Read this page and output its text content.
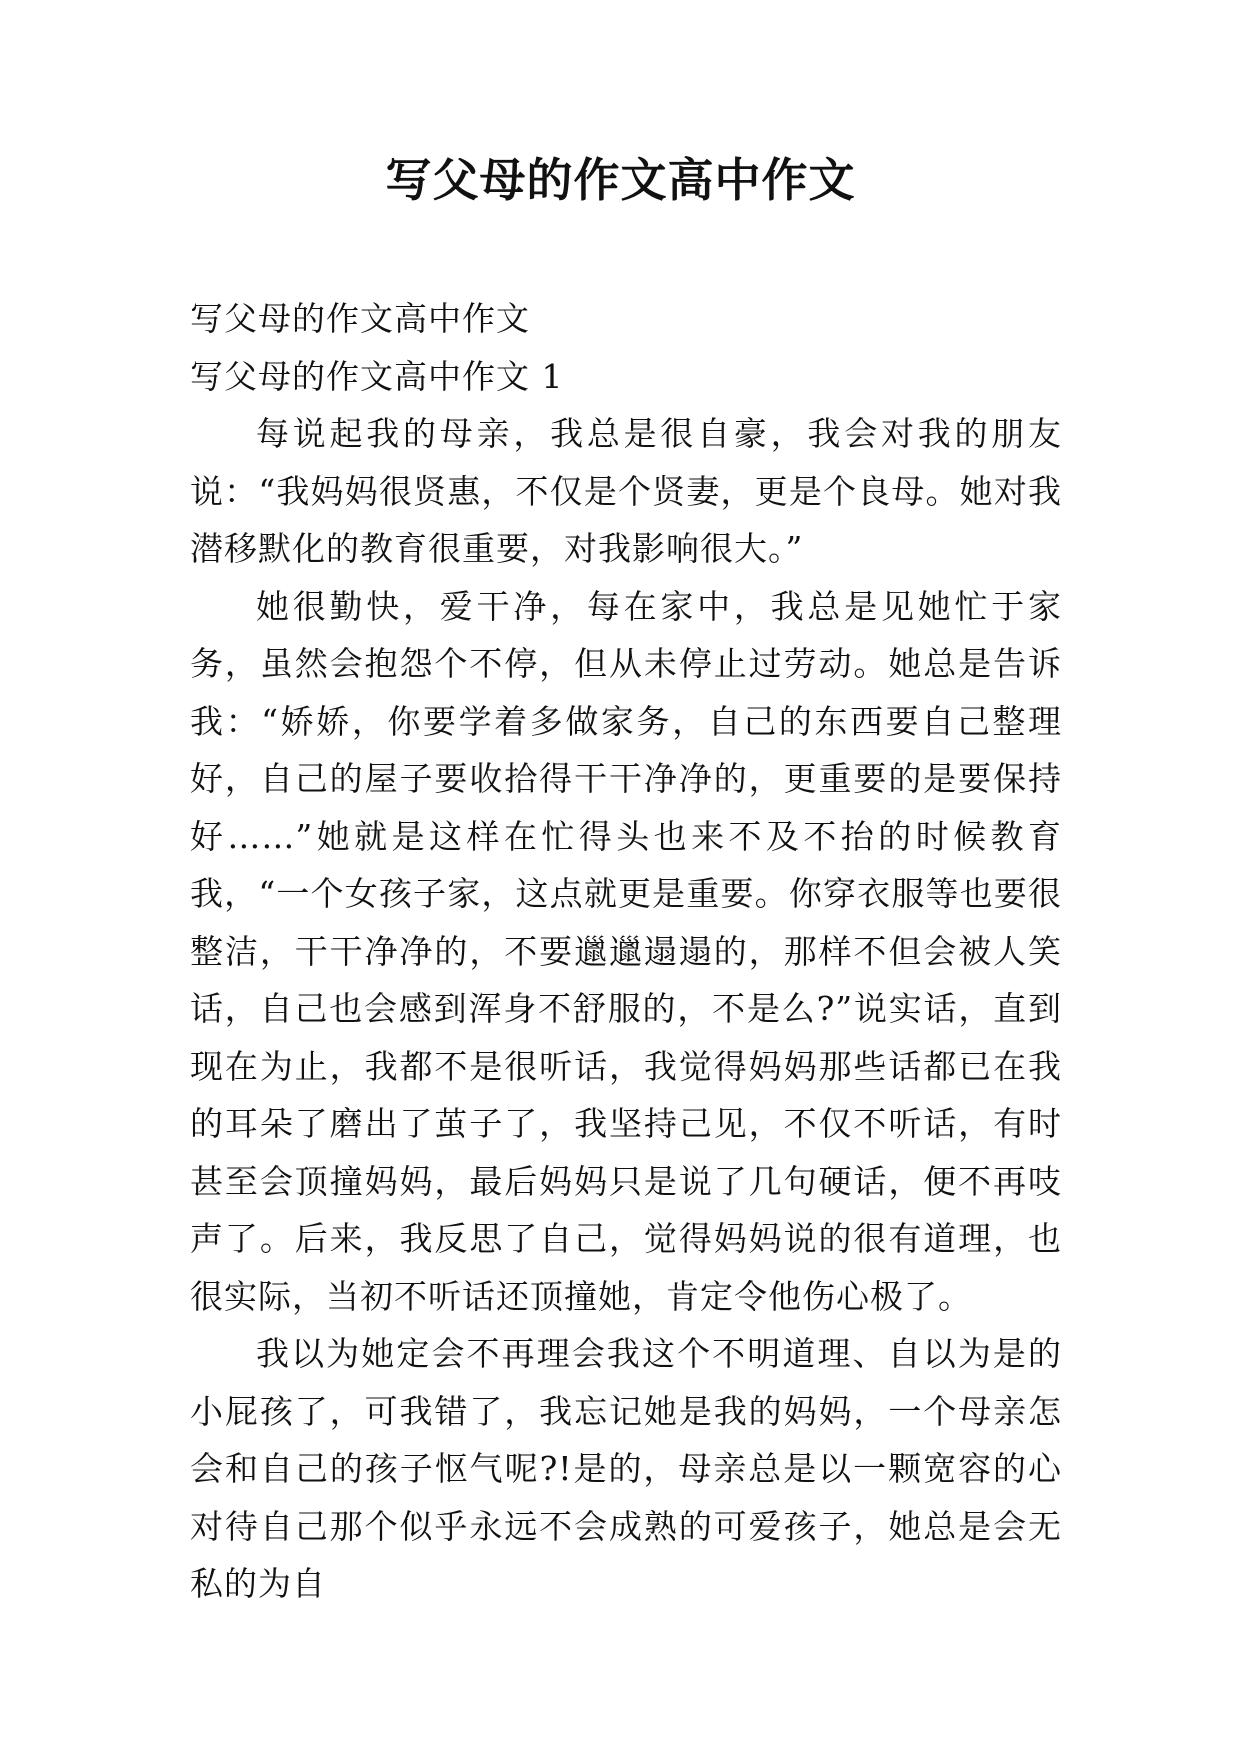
写父母的作文高中作文

写父母的作文高中作文

写父母的作文高中作文 1

每说起我的母亲，我总是很自豪，我会对我的朋友说：“我妈妈很贤惠，不仅是个贤妻，更是个良母。她对我潜移默化的教育很重要，对我影响很大。”

她很勤快，爱干净，每在家中，我总是见她忙于家务，虽然会抱怨个不停，但从未停止过劳动。她总是告诉我：“娇娇，你要学着多做家务，自己的东西要自己整理好，自己的屋子要收拾得干干净净的，更重要的是要保持好……”她就是这样在忙得头也来不及不抬的时候教育我，“一个女孩子家，这点就更是重要。你穿衣服等也要很整洁，干干净净的，不要邋邋遢遢的，那样不但会被人笑话，自己也会感到浑身不舒服的，不是么?”说实话，直到现在为止，我都不是很听话，我觉得妈妈那些话都已在我的耳朵了磨出了茧子了，我坚持己见，不仅不听话，有时甚至会顶撞妈妈，最后妈妈只是说了几句硬话，便不再吱声了。后来，我反思了自己，觉得妈妈说的很有道理，也很实际，当初不听话还顶撞她，肯定令他伤心极了。

我以为她定会不再理会我这个不明道理、自以为是的小屁孩了，可我错了，我忘记她是我的妈妈，一个母亲怎会和自己的孩子怄气呢?!是的，母亲总是以一颗宽容的心对待自己那个似乎永远不会成熟的可爱孩子，她总是会无私的为自
